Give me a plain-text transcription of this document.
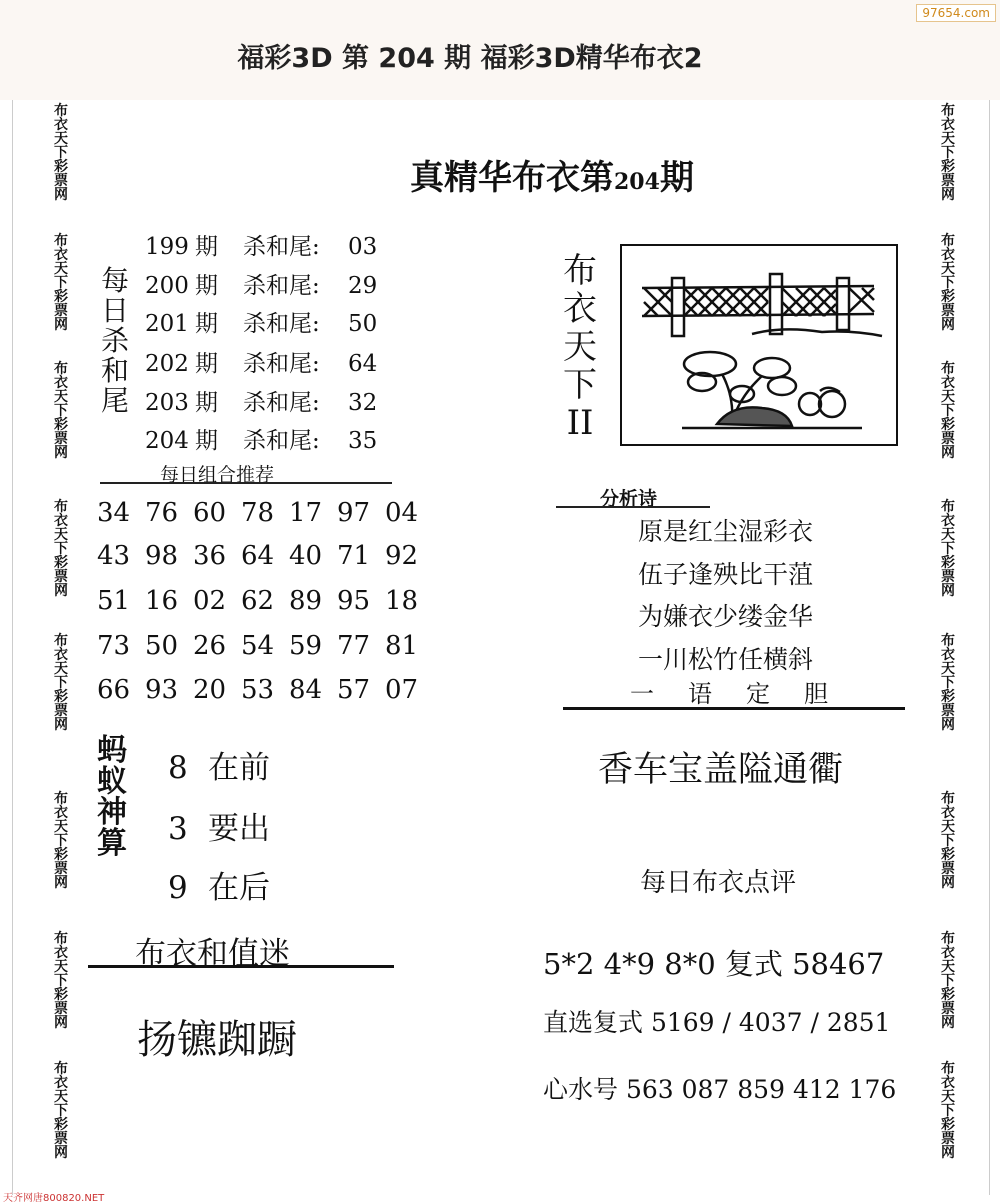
福彩3D 第 204 期 福彩3D精华布衣2
97654.com
布衣天下彩票网
布衣天下彩票网
布衣天下彩票网
布衣天下彩票网
布衣天下彩票网
布衣天下彩票网
布衣天下彩票网
布衣天下彩票网
布衣天下彩票网
布衣天下彩票网
布衣天下彩票网
布衣天下彩票网
布衣天下彩票网
布衣天下彩票网
布衣天下彩票网
布衣天下彩票网
真精华布衣第204期
每日杀和尾
199 期 杀和尾: 03
200 期 杀和尾: 29
201 期 杀和尾: 50
202 期 杀和尾: 64
203 期 杀和尾: 32
204 期 杀和尾: 35
每日组合推荐
34 76 60 78 17 97 04
43 98 36 64 40 71 92
51 16 02 62 89 95 18
73 50 26 54 59 77 81
66 93 20 53 84 57 07
蚂蚁神算
8 在前
3 要出
9 在后
布衣和值迷
扬镳踟蹰
布衣天下II
分析诗
原是红尘湿彩衣
伍子逢殃比干菹
为嫌衣少缕金华
一川松竹任横斜
一语定胆
香车宝盖隘通衢
每日布衣点评
5*2 4*9 8*0 复式 58467
直选复式 5169 / 4037 / 2851
心水号 563 087 859 412 176
天齐网唐800820.NET
